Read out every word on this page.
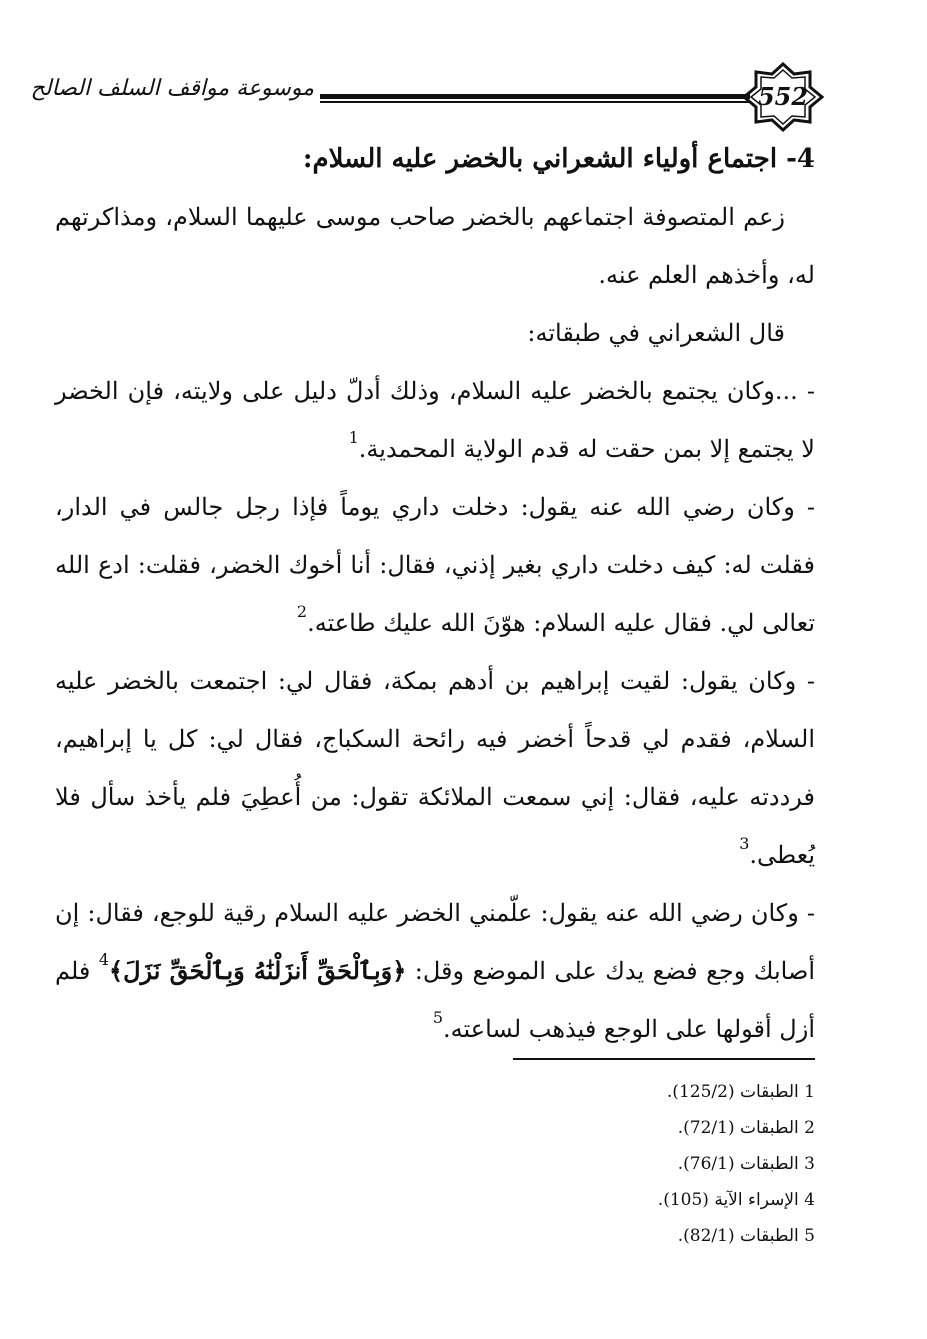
موسوعة مواقف السلف الصالح	552
4- اجتماع أولياء الشعراني بالخضر عليه السلام:

زعم المتصوفة اجتماعهم بالخضر صاحب موسى عليهما السلام، ومذاكرتهم له، وأخذهم العلم عنه.

قال الشعراني في طبقاته:

- ...وكان يجتمع بالخضر عليه السلام، وذلك أدلّ دليل على ولايته، فإن الخضر لا يجتمع إلا بمن حقت له قدم الولاية المحمدية.$^1$

- وكان رضي الله عنه يقول: دخلت داري يوماً فإذا رجل جالس في الدار، فقلت له: كيف دخلت داري بغير إذني، فقال: أنا أخوك الخضر، فقلت: ادع الله تعالى لي. فقال عليه السلام: هوّنَ الله عليك طاعته.$^2$

- وكان يقول: لقيت إبراهيم بن أدهم بمكة، فقال لي: اجتمعت بالخضر عليه السلام، فقدم لي قدحاً أخضر فيه رائحة السكباج، فقال لي: كل يا إبراهيم، فرددته عليه، فقال: إني سمعت الملائكة تقول: من أُعطِيَ فلم يأخذ سأل فلا يُعطى.$^3$

- وكان رضي الله عنه يقول: علّمني الخضر عليه السلام رقية للوجع، فقال: إن أصابك وجع فضع يدك على الموضع وقل: ﴿وَبِٱلْحَقِّ أَنزَلْنَٰهُ وَبِٱلْحَقِّ نَزَلَ﴾$^4$ فلم أزل أقولها على الوجع فيذهب لساعته.$^5$

1 الطبقات (125/2).

2 الطبقات (72/1).

3 الطبقات (76/1).

4 الإسراء الآية (105).

5 الطبقات (82/1).
